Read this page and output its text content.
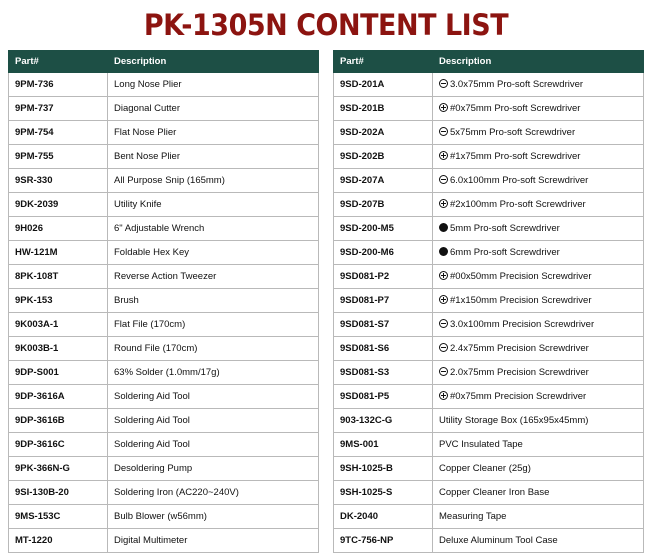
PK-1305N CONTENT LIST
Part#	Description
9PM-736	Long Nose Plier
9PM-737	Diagonal Cutter
9PM-754	Flat Nose Plier
9PM-755	Bent Nose Plier
9SR-330	All Purpose Snip (165mm)
9DK-2039	Utility Knife
9H026	6" Adjustable Wrench
HW-121M	Foldable Hex Key
8PK-108T	Reverse Action Tweezer
9PK-153	Brush
9K003A-1	Flat File (170cm)
9K003B-1	Round File (170cm)
9DP-S001	63% Solder (1.0mm/17g)
9DP-3616A	Soldering Aid Tool
9DP-3616B	Soldering Aid Tool
9DP-3616C	Soldering Aid Tool
9PK-366N-G	Desoldering Pump
9SI-130B-20	Soldering Iron (AC220~240V)
9MS-153C	Bulb Blower (w56mm)
MT-1220	Digital Multimeter
Part#	Description
9SD-201A	3.0x75mm Pro-soft Screwdriver
9SD-201B	#0x75mm Pro-soft Screwdriver
9SD-202A	5x75mm Pro-soft Screwdriver
9SD-202B	#1x75mm Pro-soft Screwdriver
9SD-207A	6.0x100mm Pro-soft Screwdriver
9SD-207B	#2x100mm Pro-soft Screwdriver
9SD-200-M5	5mm Pro-soft Screwdriver
9SD-200-M6	6mm Pro-soft Screwdriver
9SD081-P2	#00x50mm Precision Screwdriver
9SD081-P7	#1x150mm Precision Screwdriver
9SD081-S7	3.0x100mm Precision Screwdriver
9SD081-S6	2.4x75mm Precision Screwdriver
9SD081-S3	2.0x75mm Precision Screwdriver
9SD081-P5	#0x75mm Precision Screwdriver
903-132C-G	Utility Storage Box (165x95x45mm)
9MS-001	PVC Insulated Tape
9SH-1025-B	Copper Cleaner (25g)
9SH-1025-S	Copper Cleaner Iron Base
DK-2040	Measuring Tape
9TC-756-NP	Deluxe Aluminum Tool Case
